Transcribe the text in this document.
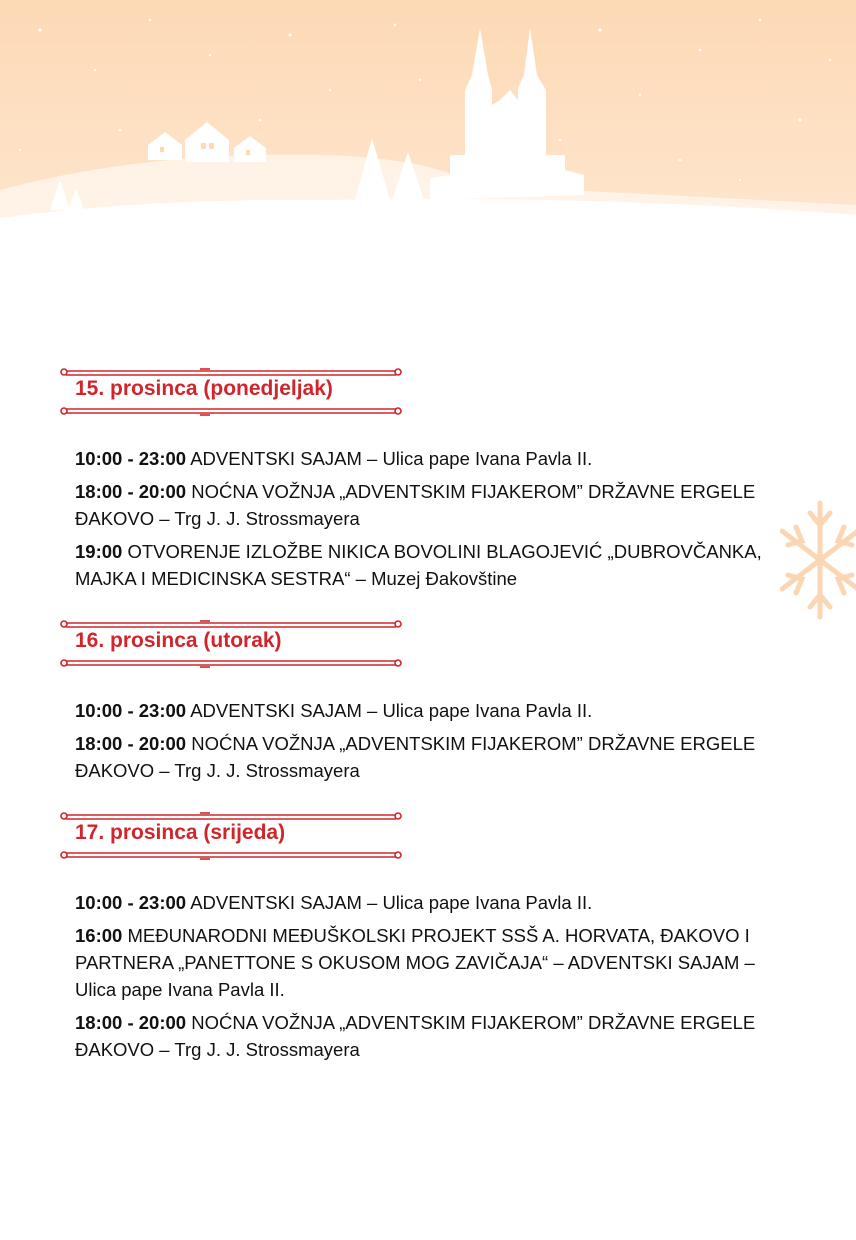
15. prosinca (ponedjeljak)
10:00 - 23:00 ADVENTSKI SAJAM – Ulica pape Ivana Pavla II.
18:00 - 20:00 NOĆNA VOŽNJA „ADVENTSKIM FIJAKEROM” DRŽAVNE ERGELE ĐAKOVO – Trg J. J. Strossmayera
19:00 OTVORENJE IZLOŽBE NIKICA BOVOLINI BLAGOJEVIĆ „DUBROVČANKA, MAJKA I MEDICINSKA SESTRA“ – Muzej Đakovštine
16. prosinca (utorak)
10:00 - 23:00 ADVENTSKI SAJAM – Ulica pape Ivana Pavla II.
18:00 - 20:00 NOĆNA VOŽNJA „ADVENTSKIM FIJAKEROM” DRŽAVNE ERGELE ĐAKOVO – Trg J. J. Strossmayera
17. prosinca (srijeda)
10:00 - 23:00 ADVENTSKI SAJAM – Ulica pape Ivana Pavla II.
16:00 MEĐUNARODNI MEĐUŠKOLSKI PROJEKT SSŠ A. HORVATA, ĐAKOVO I PARTNERA „PANETTONE S OKUSOM MOG ZAVIČAJA“ – ADVENTSKI SAJAM – Ulica pape Ivana Pavla II.
18:00 - 20:00 NOĆNA VOŽNJA „ADVENTSKIM FIJAKEROM” DRŽAVNE ERGELE ĐAKOVO – Trg J. J. Strossmayera
